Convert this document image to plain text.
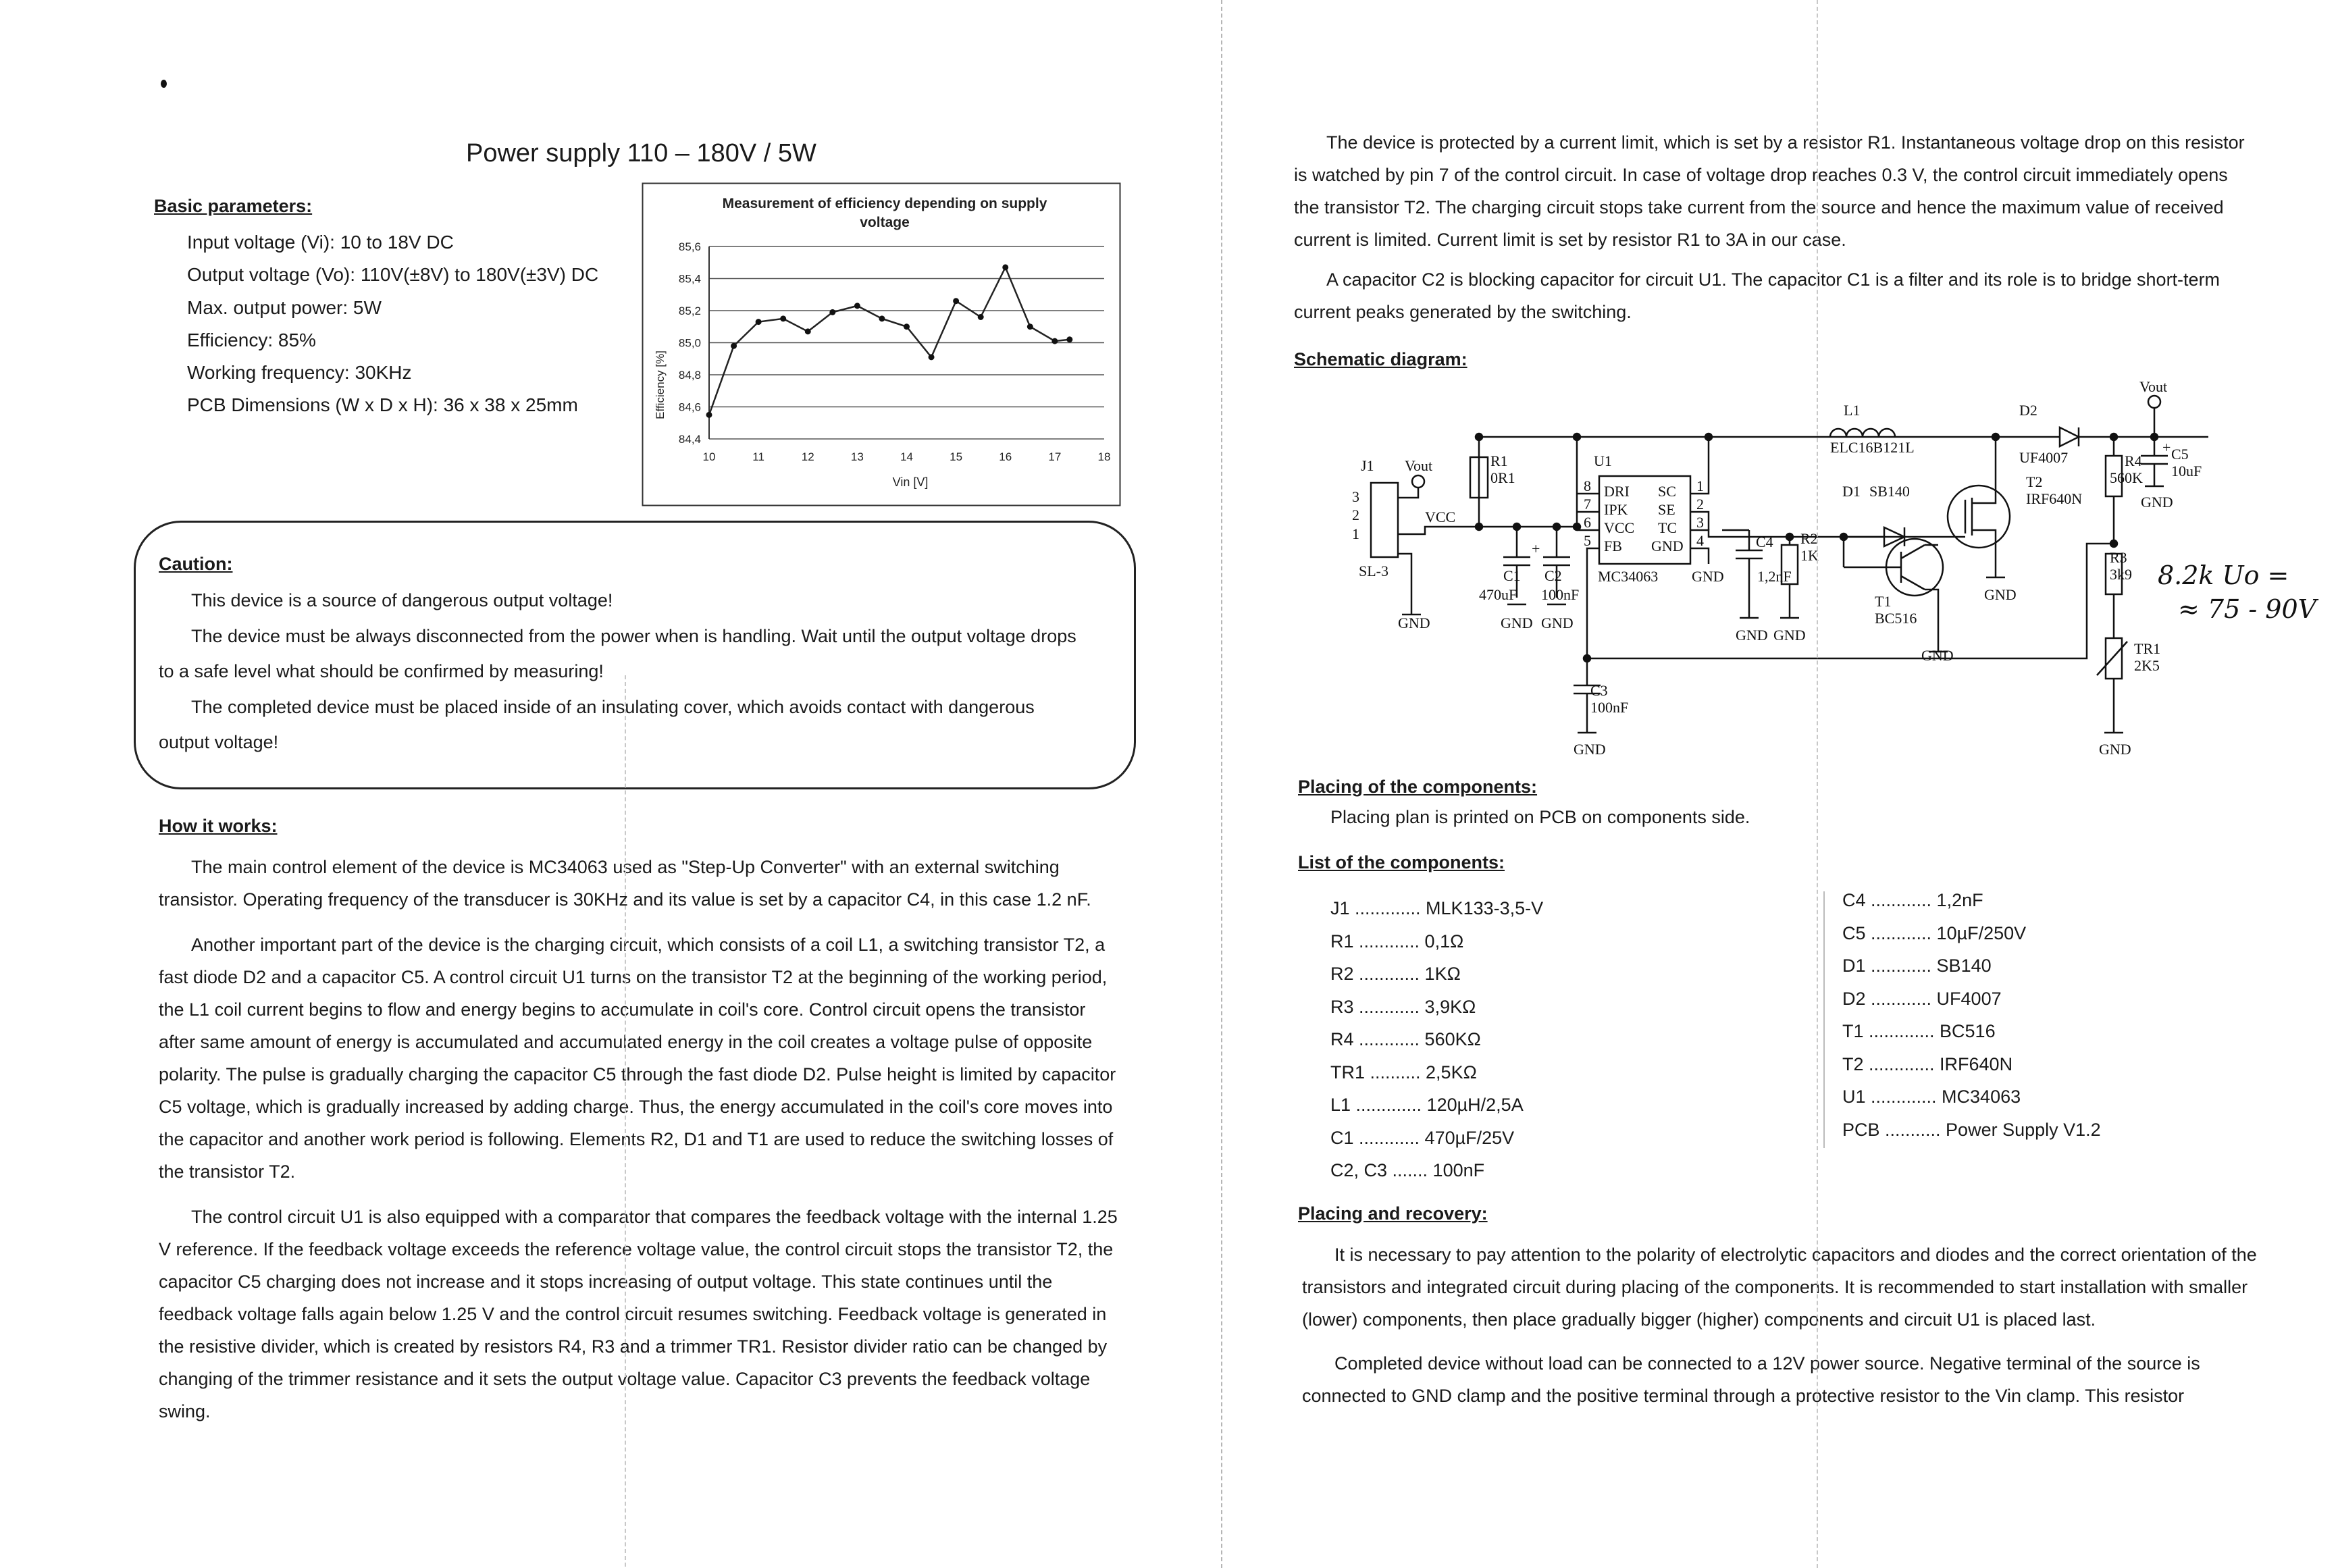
Power supply 110 – 180V / 5W
Basic parameters:
Input voltage (Vi): 10 to 18V DC
Output voltage (Vo): 110V(±8V) to 180V(±3V) DC
Max. output power: 5W
Efficiency: 85%
Working frequency: 30KHz
PCB Dimensions (W x D x H): 36 x 38 x 25mm
Measurement of efficiency depending on supply
voltage
84,4
84,6
84,8
85,0
85,2
85,4
85,6
10	11	12	13	14	15	16	17	18
Vin [V]
Efficiency [%]
Caution:
This device is a source of dangerous output voltage!
The device must be always disconnected from the power when is handling. Wait until the output voltage drops
to a safe level what should be confirmed by measuring!
The completed device must be placed inside of an insulating cover, which avoids contact with dangerous
output voltage!
How it works:
The main control element of the device is MC34063 used as "Step-Up Converter" with an external switching
transistor. Operating frequency of the transducer is 30KHz and its value is set by a capacitor C4, in this case 1.2 nF.
Another important part of the device is the charging circuit, which consists of a coil L1, a switching transistor T2, a
fast diode D2 and a capacitor C5. A control circuit U1 turns on the transistor T2 at the beginning of the working period,
the L1 coil current begins to flow and energy begins to accumulate in coil's core. Control circuit opens the transistor
after same amount of energy is accumulated and accumulated energy in the coil creates a voltage pulse of opposite
polarity. The pulse is gradually charging the capacitor C5 through the fast diode D2. Pulse height is limited by capacitor
C5 voltage, which is gradually increased by adding charge. Thus, the energy accumulated in the coil's core moves into
the capacitor and another work period is following. Elements R2, D1 and T1 are used to reduce the switching losses of
the transistor T2.
The control circuit U1 is also equipped with a comparator that compares the feedback voltage with the internal 1.25
V reference. If the feedback voltage exceeds the reference voltage value, the control circuit stops the transistor T2, the
capacitor C5 charging does not increase and it stops increasing of output voltage. This state continues until the
feedback voltage falls again below 1.25 V and the control circuit resumes switching. Feedback voltage is generated in
the resistive divider, which is created by resistors R4, R3 and a trimmer TR1. Resistor divider ratio can be changed by
changing of the trimmer resistance and it sets the output voltage value. Capacitor C3 prevents the feedback voltage
swing.
The device is protected by a current limit, which is set by a resistor R1. Instantaneous voltage drop on this resistor
is watched by pin 7 of the control circuit. In case of voltage drop reaches 0.3 V, the control circuit immediately opens
the transistor T2. The charging circuit stops take current from the source and hence the maximum value of received
current is limited. Current limit is set by resistor R1 to 3A in our case.
A capacitor C2 is blocking capacitor for circuit U1. The capacitor C1 is a filter and its role is to bridge short-term
current peaks generated by the switching.
Schematic diagram:
J1
3
2
1
SL-3
Vout
VCC
R1
0R1
+
C1
470uF
C2
100nF
GND	GND GND
U1
MC34063
DRI
IPK
VCC
FB
SC
SE
TC
GND
8
7
6
5
1
2
3
4
GND
C4
1,2nF
GND
R2
1K
GND
D1 SB140
T1
BC516
GND
T2
IRF640N
GND
L1
ELC16B121L
D2
UF4007
Vout
R4
560K
+ C5
10uF
GND
R3
3k9
TR1
2K5
GND
C3
100nF
GND
8.2k Uo =
≈ 75 - 90V
Placing of the components:
Placing plan is printed on PCB on components side.
List of the components:
J1 ............. MLK133-3,5-V
R1 ............ 0,1Ω
R2 ............ 1KΩ
R3 ............ 3,9KΩ
R4 ............ 560KΩ
TR1 .......... 2,5KΩ
L1 ............. 120µH/2,5A
C1 ............ 470µF/25V
C2, C3 ....... 100nF
C4 ............ 1,2nF
C5 ............ 10µF/250V
D1 ............ SB140
D2 ............ UF4007
T1 ............. BC516
T2 ............. IRF640N
U1 ............. MC34063
PCB ........... Power Supply V1.2
Placing and recovery:
It is necessary to pay attention to the polarity of electrolytic capacitors and diodes and the correct orientation of the
transistors and integrated circuit during placing of the components. It is recommended to start installation with smaller
(lower) components, then place gradually bigger (higher) components and circuit U1 is placed last.
Completed device without load can be connected to a 12V power source. Negative terminal of the source is
connected to GND clamp and the positive terminal through a protective resistor to the Vin clamp. This resistor
